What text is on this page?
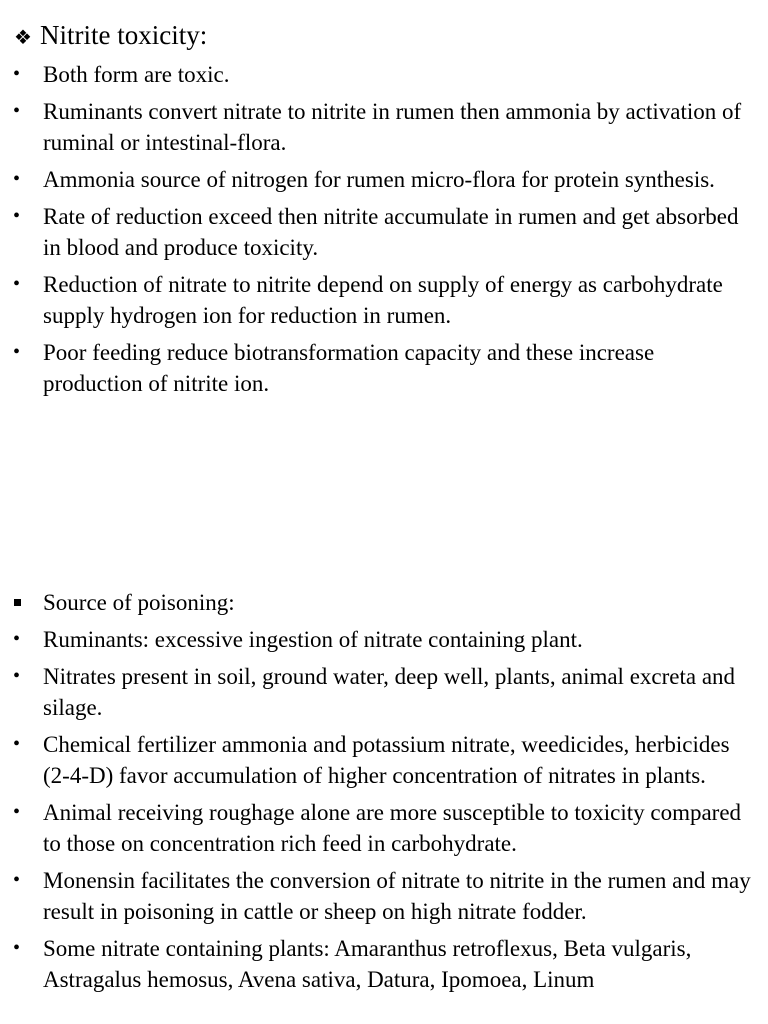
❖ Nitrite toxicity:
• Both form are toxic.
• Ruminants convert nitrate to nitrite in rumen then ammonia by activation of ruminal or intestinal-flora.
• Ammonia source of nitrogen for rumen micro-flora for protein synthesis.
• Rate of reduction exceed then nitrite accumulate in rumen and get absorbed in blood and produce toxicity.
• Reduction of nitrate to nitrite depend on supply of energy as carbohydrate supply hydrogen ion for reduction in rumen.
• Poor feeding reduce biotransformation capacity and these increase production of nitrite ion.
Source of poisoning:
• Ruminants: excessive ingestion of nitrate containing plant.
• Nitrates present in soil, ground water, deep well, plants, animal excreta and silage.
• Chemical fertilizer ammonia and potassium nitrate, weedicides, herbicides (2-4-D) favor accumulation of higher concentration of nitrates in plants.
• Animal receiving roughage alone are more susceptible to toxicity compared to those on concentration rich feed in carbohydrate.
• Monensin facilitates the conversion of nitrate to nitrite in the rumen and may result in poisoning in cattle or sheep on high nitrate fodder.
• Some nitrate containing plants: Amaranthus retroflexus, Beta vulgaris, Astragalus hemosus, Avena sativa, Datura, Ipomoea, Linum
